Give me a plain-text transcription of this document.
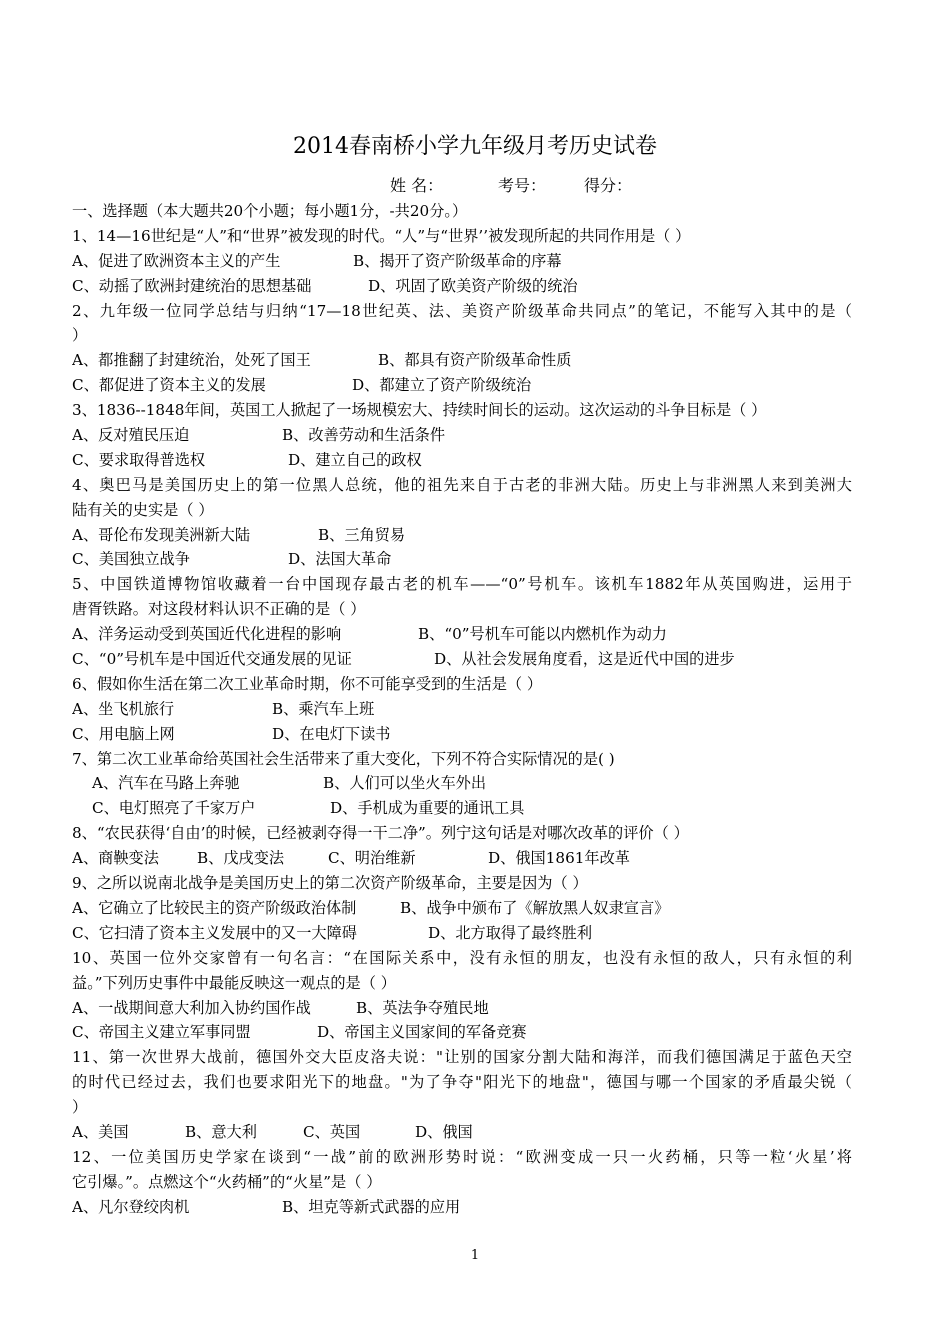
2014春南桥小学九年级月考历史试卷
姓 名：	考号： 得分：
一、选择题（本大题共20个小题；每小题1分，-共20分。）
1、14—16世纪是“人”和“世界”被发现的时代。“人”与“世界’’被发现所起的共同作用是（ ）
A、促进了欧洲资本主义的产生	B、揭开了资产阶级革命的序幕
C、动摇了欧洲封建统治的思想基础	D、巩固了欧美资产阶级的统治
2、九年级一位同学总结与归纳“17—18世纪英、法、美资产阶级革命共同点”的笔记，不能写入其中的是（
）
A、都推翻了封建统治，处死了国王	B、都具有资产阶级革命性质
C、都促进了资本主义的发展	D、都建立了资产阶级统治
3、1836--1848年间，英国工人掀起了一场规模宏大、持续时间长的运动。这次运动的斗争目标是（ ）
A、反对殖民压迫	B、改善劳动和生活条件
C、要求取得普选权	D、建立自己的政权
4、奥巴马是美国历史上的第一位黑人总统，他的祖先来自于古老的非洲大陆。历史上与非洲黑人来到美洲大
陆有关的史实是（ ）
A、哥伦布发现美洲新大陆	B、三角贸易
C、美国独立战争	D、法国大革命
5、中国铁道博物馆收藏着一台中国现存最古老的机车——“0”号机车。该机车1882年从英国购进，运用于
唐胥铁路。对这段材料认识不正确的是（ ）
A、洋务运动受到英国近代化进程的影响	B、“0”号机车可能以内燃机作为动力
C、“0”号机车是中国近代交通发展的见证	D、从社会发展角度看，这是近代中国的进步
6、假如你生活在第二次工业革命时期，你不可能享受到的生活是（ ）
A、坐飞机旅行	B、乘汽车上班
C、用电脑上网	D、在电灯下读书
7、第二次工业革命给英国社会生活带来了重大变化，下列不符合实际情况的是( )
A、汽车在马路上奔驰	B、人们可以坐火车外出
C、电灯照亮了千家万户	D、手机成为重要的通讯工具
8、“农民获得‘自由’的时候，已经被剥夺得一干二净”。列宁这句话是对哪次改革的评价（ ）
A、商鞅变法	B、戊戌变法	C、明治维新	D、俄国1861年改革
9、之所以说南北战争是美国历史上的第二次资产阶级革命，主要是因为（ ）
A、它确立了比较民主的资产阶级政治体制	B、战争中颁布了《解放黑人奴隶宣言》
C、它扫清了资本主义发展中的又一大障碍	D、北方取得了最终胜利
10、英国一位外交家曾有一句名言：“在国际关系中，没有永恒的朋友，也没有永恒的敌人，只有永恒的利
益。”下列历史事件中最能反映这一观点的是（ ）
A、一战期间意大利加入协约国作战	B、英法争夺殖民地
C、帝国主义建立军事同盟	D、帝国主义国家间的军备竞赛
11、第一次世界大战前，德国外交大臣皮洛夫说："让别的国家分割大陆和海洋，而我们德国满足于蓝色天空
的时代已经过去，我们也要求阳光下的地盘。"为了争夺"阳光下的地盘"，德国与哪一个国家的矛盾最尖锐（
）
A、美国	B、意大利	C、英国	D、俄国
12、一位美国历史学家在谈到“一战”前的欧洲形势时说：“欧洲变成一只一火药桶，只等一粒‘火星’将
它引爆。”。点燃这个“火药桶”的“火星”是（ ）
A、凡尔登绞肉机	B、坦克等新式武器的应用
1
